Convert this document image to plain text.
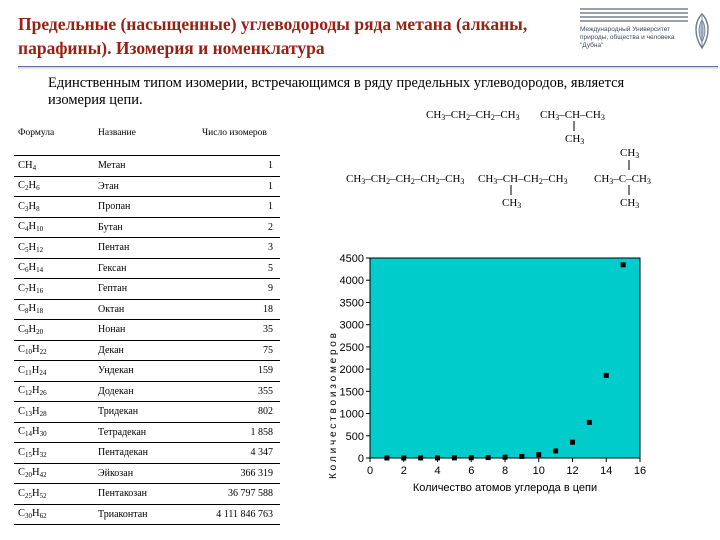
Предельные (насыщенные) углеводороды ряда метана (алканы, парафины). Изомерия и номенклатура
Международный Университет природы, общества и человека "Дубна"
Единственным типом изомерии, встречающимся в ряду предельных углеводородов, является изомерия цепи.
Формула	Название	Число изомеров
$CH_4$	Метан	1
$C_2H_6$	Этан	1
$C_3H_8$	Пропан	1
$C_4H_{10}$	Бутан	2
$C_5H_{12}$	Пентан	3
$C_6H_{14}$	Гексан	5
$C_7H_{16}$	Гептан	9
$C_8H_{18}$	Октан	18
$C_9H_{20}$	Нонан	35
$C_{10}H_{22}$	Декан	75
$C_{11}H_{24}$	Ундекан	159
$C_{12}H_{26}$	Додекан	355
$C_{13}H_{28}$	Тридекан	802
$C_{14}H_{30}$	Тетрадекан	1 858
$C_{15}H_{32}$	Пентадекан	4 347
$C_{20}H_{42}$	Эйкозан	366 319
$C_{25}H_{52}$	Пентакозан	36 797 588
$C_{30}H_{62}$	Триаконтан	4 111 846 763
CH3–CH2–CH2–CH3 CH3–CH–CH3
CH3
CH3–CH2–CH2–CH2–CH3 CH3–CH–CH2–CH3
CH3
CH3
CH3–C–CH3
CH3
0	2	4	6	8 10 12 14 16
0
500
1000
1500
2000
2500
3000
3500
4000
4500
Количество атомов углерода в цепи
К о л и ч е с т в о и з о м е р о в
